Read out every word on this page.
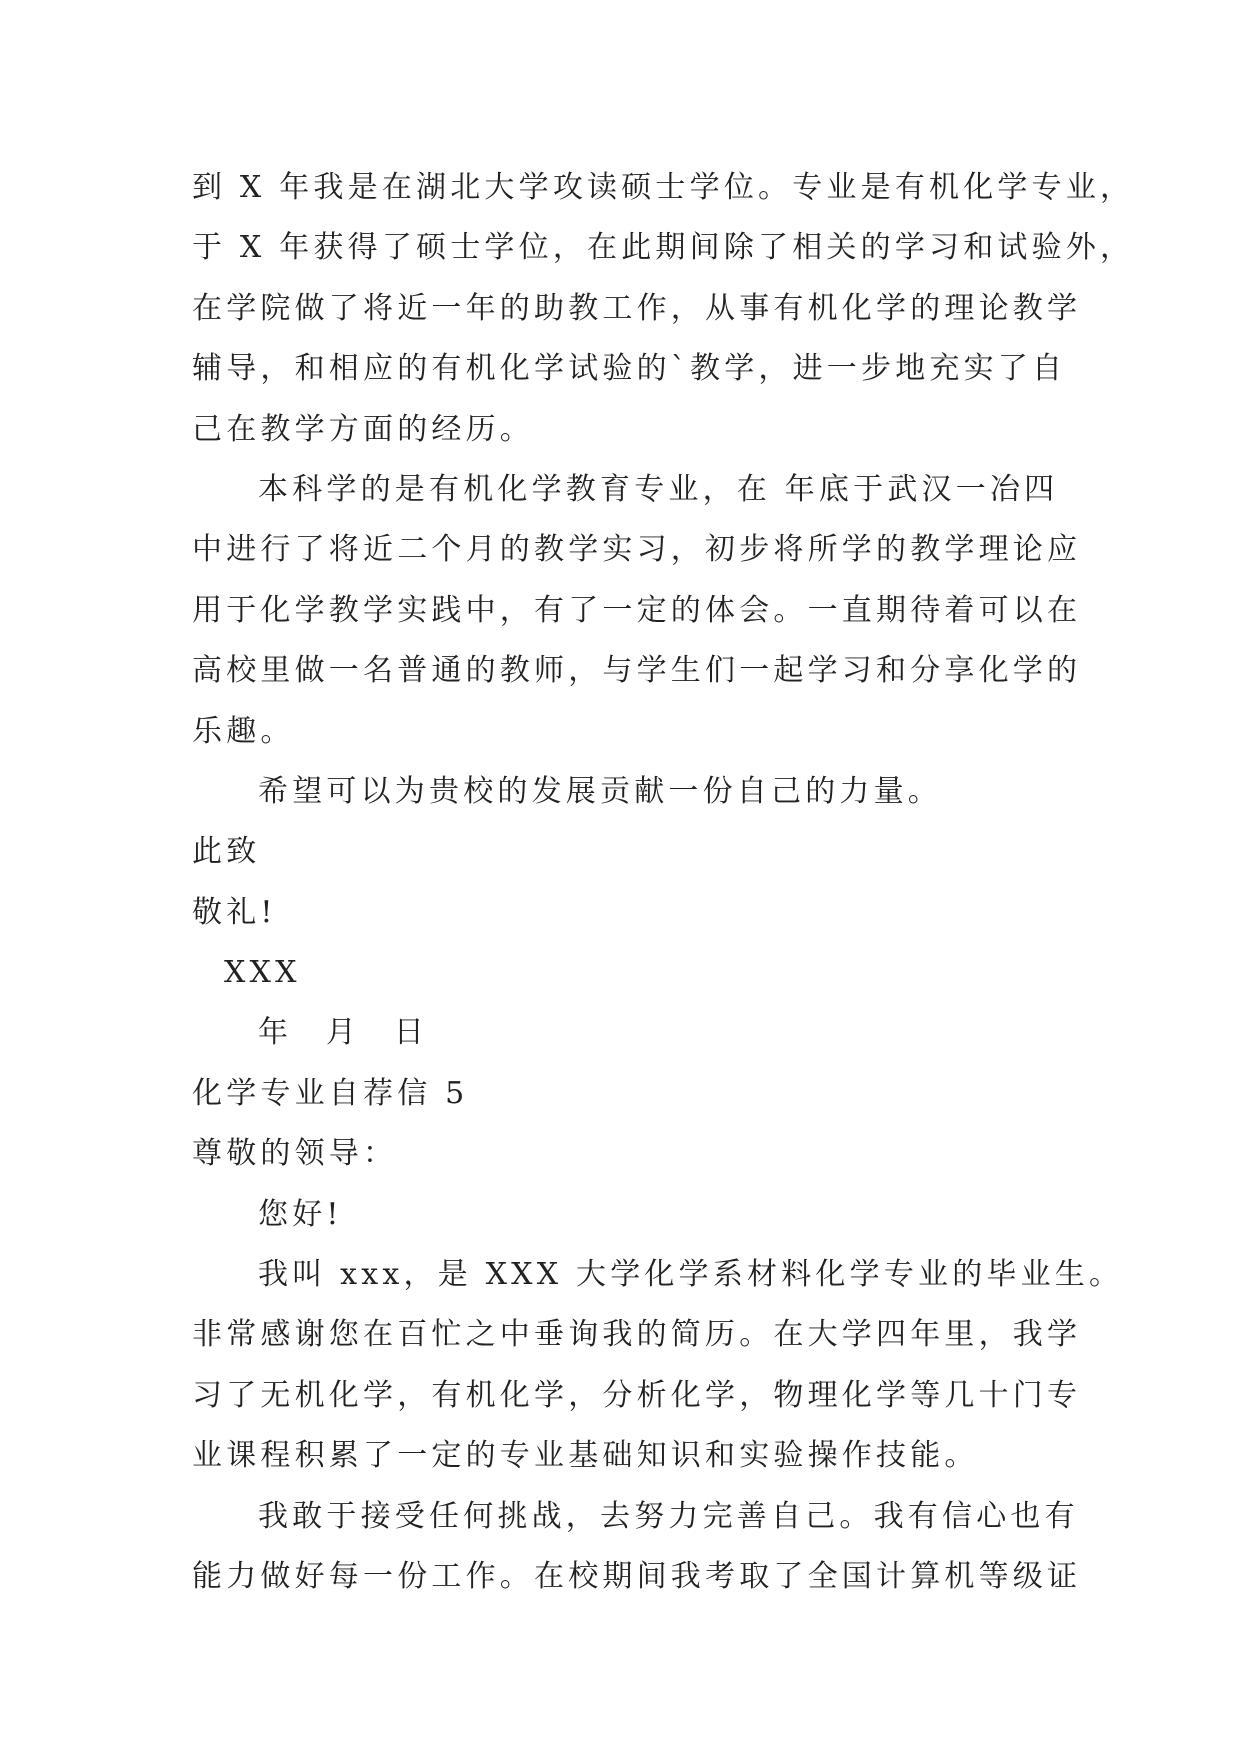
到 X 年我是在湖北大学攻读硕士学位。专业是有机化学专业，
于 X 年获得了硕士学位，在此期间除了相关的学习和试验外，
在学院做了将近一年的助教工作，从事有机化学的理论教学
辅导，和相应的有机化学试验的`教学，进一步地充实了自
己在教学方面的经历。
本科学的是有机化学教育专业，在 年底于武汉一冶四
中进行了将近二个月的教学实习，初步将所学的教学理论应
用于化学教学实践中，有了一定的体会。一直期待着可以在
高校里做一名普通的教师，与学生们一起学习和分享化学的
乐趣。
希望可以为贵校的发展贡献一份自己的力量。
此致
敬礼!
XXX
年 月 日
化学专业自荐信 5
尊敬的领导：
您好!
我叫 xxx，是 XXX 大学化学系材料化学专业的毕业生。
非常感谢您在百忙之中垂询我的简历。在大学四年里，我学
习了无机化学，有机化学，分析化学，物理化学等几十门专
业课程积累了一定的专业基础知识和实验操作技能。
我敢于接受任何挑战，去努力完善自己。我有信心也有
能力做好每一份工作。在校期间我考取了全国计算机等级证
